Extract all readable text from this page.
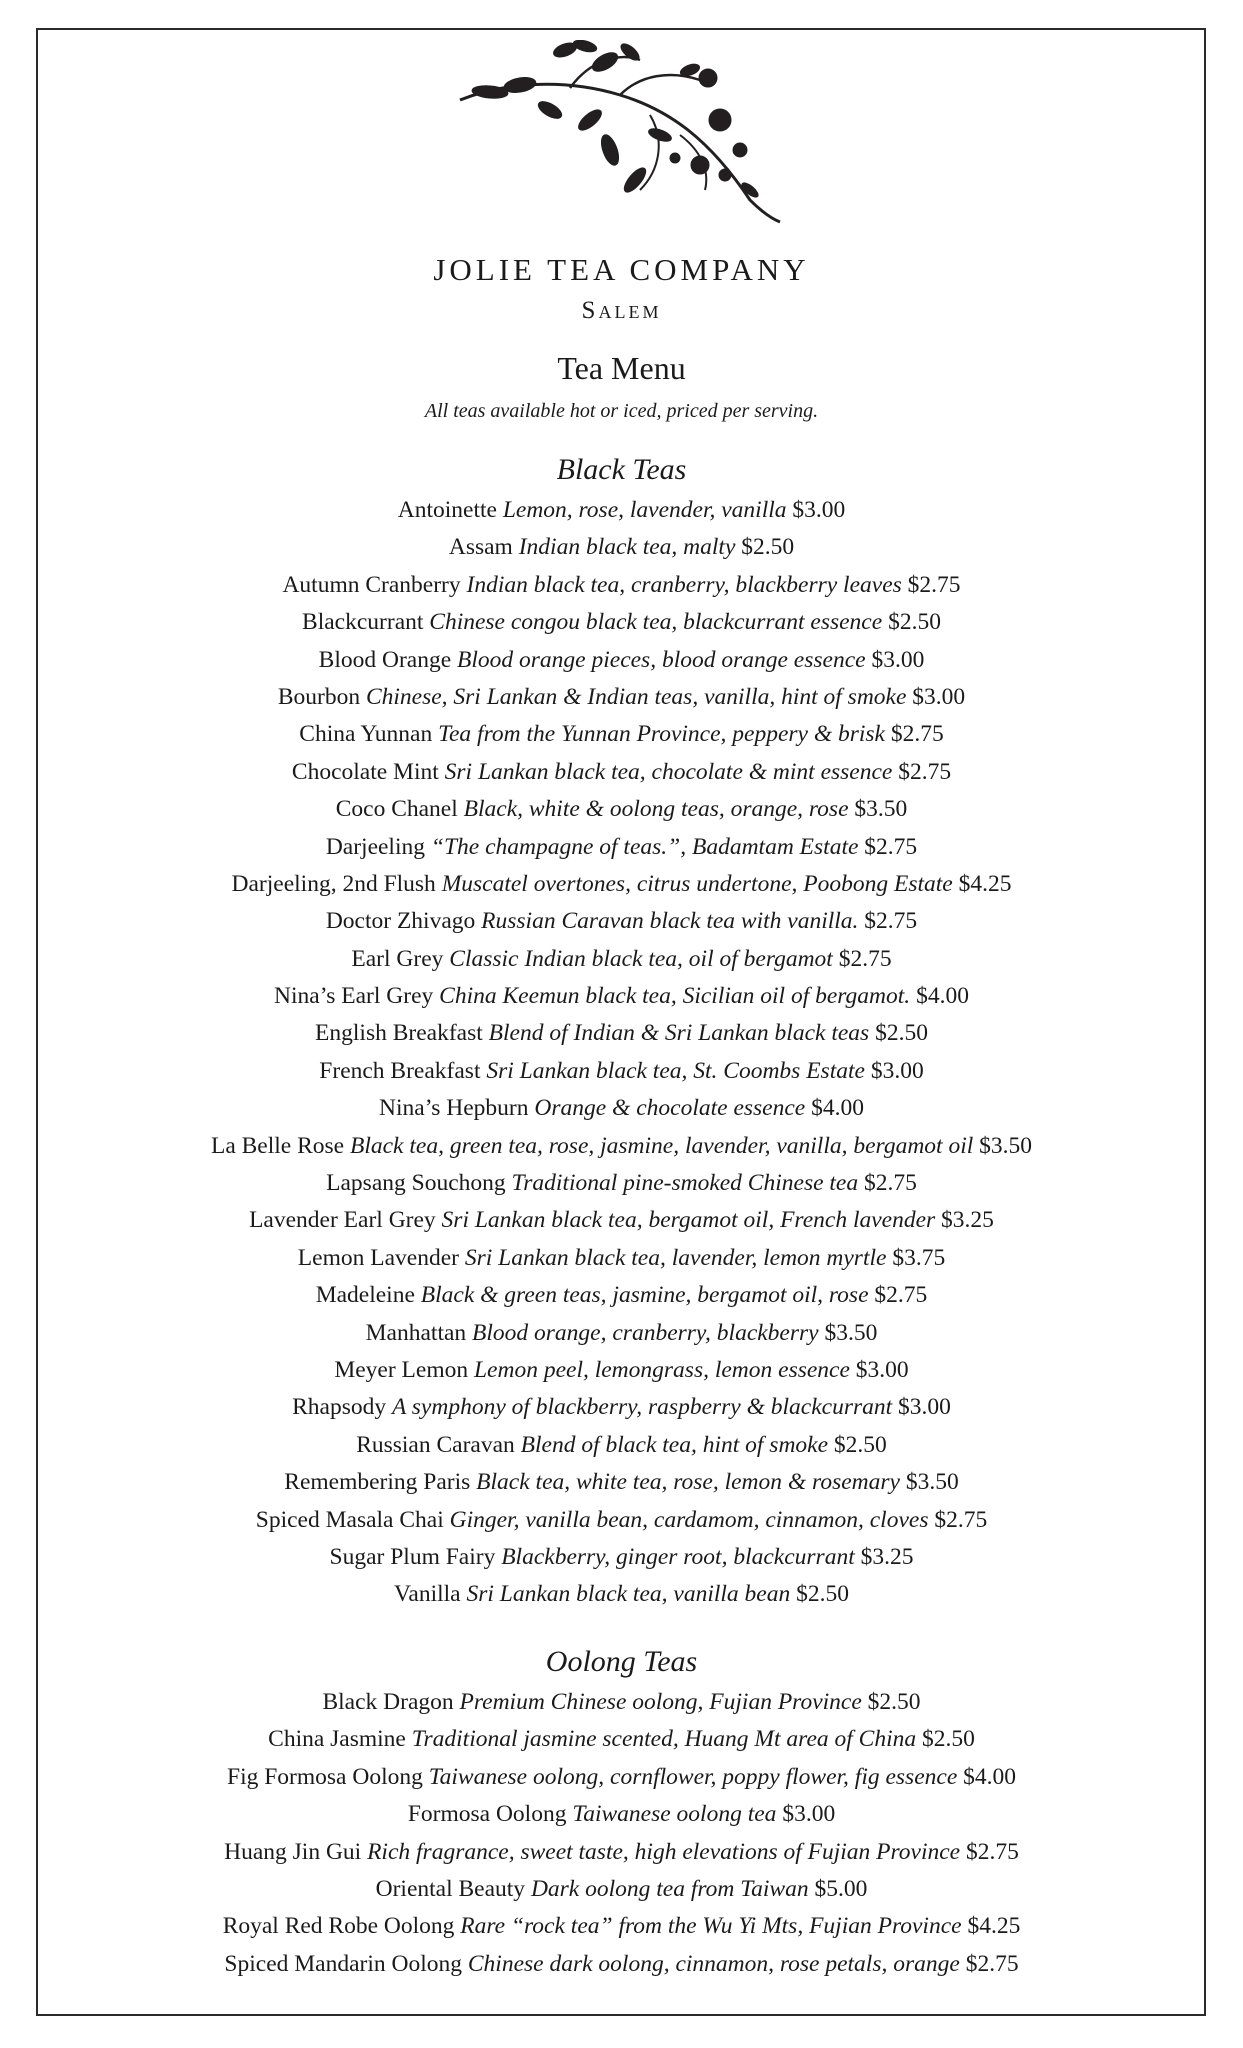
JOLIE TEA COMPANY
Salem
Tea Menu
All teas available hot or iced, priced per serving.
Black Teas
Antoinette Lemon, rose, lavender, vanilla $3.00
Assam Indian black tea, malty $2.50
Autumn Cranberry Indian black tea, cranberry, blackberry leaves $2.75
Blackcurrant Chinese congou black tea, blackcurrant essence $2.50
Blood Orange Blood orange pieces, blood orange essence $3.00
Bourbon Chinese, Sri Lankan & Indian teas, vanilla, hint of smoke $3.00
China Yunnan Tea from the Yunnan Province, peppery & brisk $2.75
Chocolate Mint Sri Lankan black tea, chocolate & mint essence $2.75
Coco Chanel Black, white & oolong teas, orange, rose $3.50
Darjeeling “The champagne of teas.”, Badamtam Estate $2.75
Darjeeling, 2nd Flush Muscatel overtones, citrus undertone, Poobong Estate $4.25
Doctor Zhivago Russian Caravan black tea with vanilla. $2.75
Earl Grey Classic Indian black tea, oil of bergamot $2.75
Nina’s Earl Grey China Keemun black tea, Sicilian oil of bergamot. $4.00
English Breakfast Blend of Indian & Sri Lankan black teas $2.50
French Breakfast Sri Lankan black tea, St. Coombs Estate $3.00
Nina’s Hepburn Orange & chocolate essence $4.00
La Belle Rose Black tea, green tea, rose, jasmine, lavender, vanilla, bergamot oil $3.50
Lapsang Souchong Traditional pine-smoked Chinese tea $2.75
Lavender Earl Grey Sri Lankan black tea, bergamot oil, French lavender $3.25
Lemon Lavender Sri Lankan black tea, lavender, lemon myrtle $3.75
Madeleine Black & green teas, jasmine, bergamot oil, rose $2.75
Manhattan Blood orange, cranberry, blackberry $3.50
Meyer Lemon Lemon peel, lemongrass, lemon essence $3.00
Rhapsody A symphony of blackberry, raspberry & blackcurrant $3.00
Russian Caravan Blend of black tea, hint of smoke $2.50
Remembering Paris Black tea, white tea, rose, lemon & rosemary $3.50
Spiced Masala Chai Ginger, vanilla bean, cardamom, cinnamon, cloves $2.75
Sugar Plum Fairy Blackberry, ginger root, blackcurrant $3.25
Vanilla Sri Lankan black tea, vanilla bean $2.50
Oolong Teas
Black Dragon Premium Chinese oolong, Fujian Province $2.50
China Jasmine Traditional jasmine scented, Huang Mt area of China $2.50
Fig Formosa Oolong Taiwanese oolong, cornflower, poppy flower, fig essence $4.00
Formosa Oolong Taiwanese oolong tea $3.00
Huang Jin Gui Rich fragrance, sweet taste, high elevations of Fujian Province $2.75
Oriental Beauty Dark oolong tea from Taiwan $5.00
Royal Red Robe Oolong Rare “rock tea” from the Wu Yi Mts, Fujian Province $4.25
Spiced Mandarin Oolong Chinese dark oolong, cinnamon, rose petals, orange $2.75
